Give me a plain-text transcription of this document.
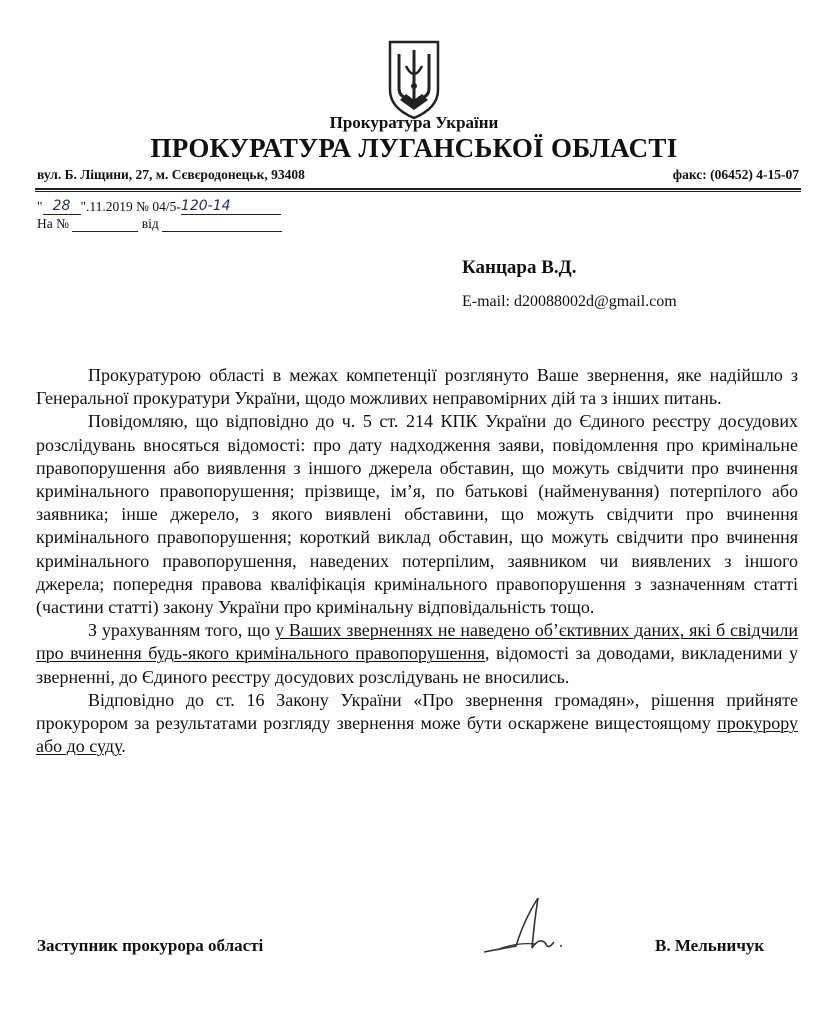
Прокуратура України
ПРОКУРАТУРА ЛУГАНСЬКОЇ ОБЛАСТІ
вул. Б. Ліщини, 27, м. Сєвєродонецьк, 93408	факс: (06452) 4-15-07
" 28 ".11.2019 № 04/5-120-14
На №	від
Канцара В.Д.
E-mail: d20088002d@gmail.com

Прокуратурою області в межах компетенції розглянуто Ваше звернення, яке надійшло з Генеральної прокуратури України, щодо можливих неправомірних дій та з інших питань.

Повідомляю, що відповідно до ч. 5 ст. 214 КПК України до Єдиного реєстру досудових розслідувань вносяться відомості: про дату надходження заяви, повідомлення про кримінальне правопорушення або виявлення з іншого джерела обставин, що можуть свідчити про вчинення кримінального правопорушення; прізвище, ім’я, по батькові (найменування) потерпілого або заявника; інше джерело, з якого виявлені обставини, що можуть свідчити про вчинення кримінального правопорушення; короткий виклад обставин, що можуть свідчити про вчинення кримінального правопорушення, наведених потерпілим, заявником чи виявлених з іншого джерела; попередня правова кваліфікація кримінального правопорушення з зазначенням статті (частини статті) закону України про кримінальну відповідальність тощо.

З урахуванням того, що у Ваших зверненнях не наведено об’єктивних даних, які б свідчили про вчинення будь-якого кримінального правопорушення, відомості за доводами, викладеними у зверненні, до Єдиного реєстру досудових розслідувань не вносились.

Відповідно до ст. 16 Закону України «Про звернення громадян», рішення прийняте прокурором за результатами розгляду звернення може бути оскаржене вищестоящому прокурору або до суду.

Заступник прокурора області	В. Мельничук
